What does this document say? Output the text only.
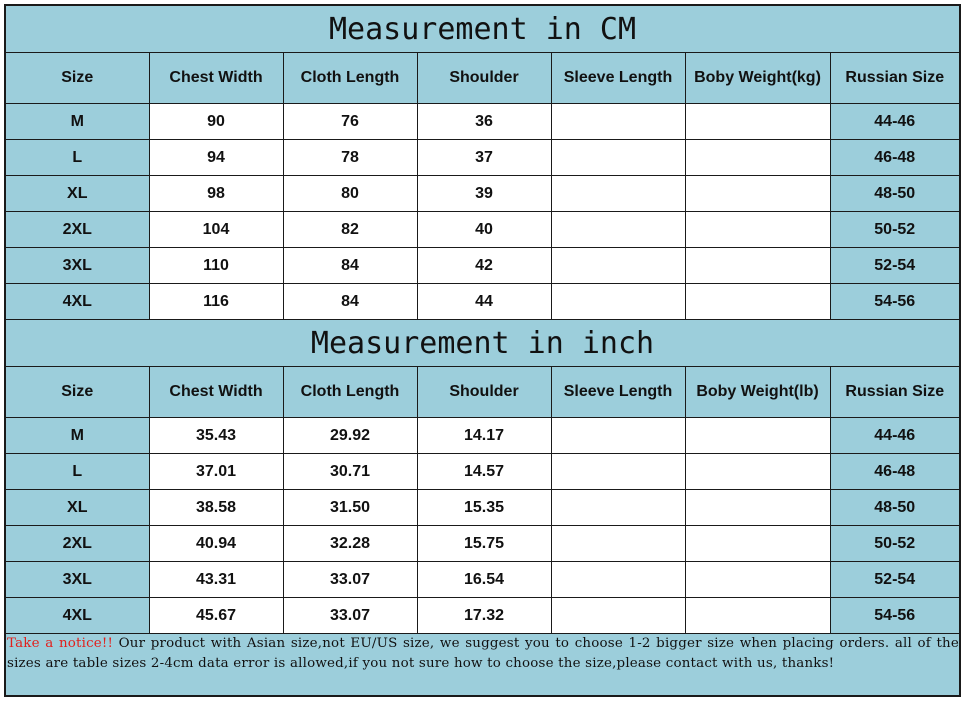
Measurement in CM
Size	Chest Width	Cloth Length	Shoulder	Sleeve Length	Boby Weight(kg)	Russian Size
M	90	76	36			44-46
L	94	78	37			46-48
XL	98	80	39			48-50
2XL	104	82	40			50-52
3XL	110	84	42			52-54
4XL	116	84	44			54-56
Measurement in inch
Size	Chest Width	Cloth Length	Shoulder	Sleeve Length	Boby Weight(lb)	Russian Size
M	35.43	29.92	14.17			44-46
L	37.01	30.71	14.57			46-48
XL	38.58	31.50	15.35			48-50
2XL	40.94	32.28	15.75			50-52
3XL	43.31	33.07	16.54			52-54
4XL	45.67	33.07	17.32			54-56
Take a notice!! Our product with Asian size,not EU/US size, we suggest you to choose 1-2 bigger size when placing orders. all of the sizes are table sizes 2-4cm data error is allowed,if you not sure how to choose the size,please contact with us, thanks!
